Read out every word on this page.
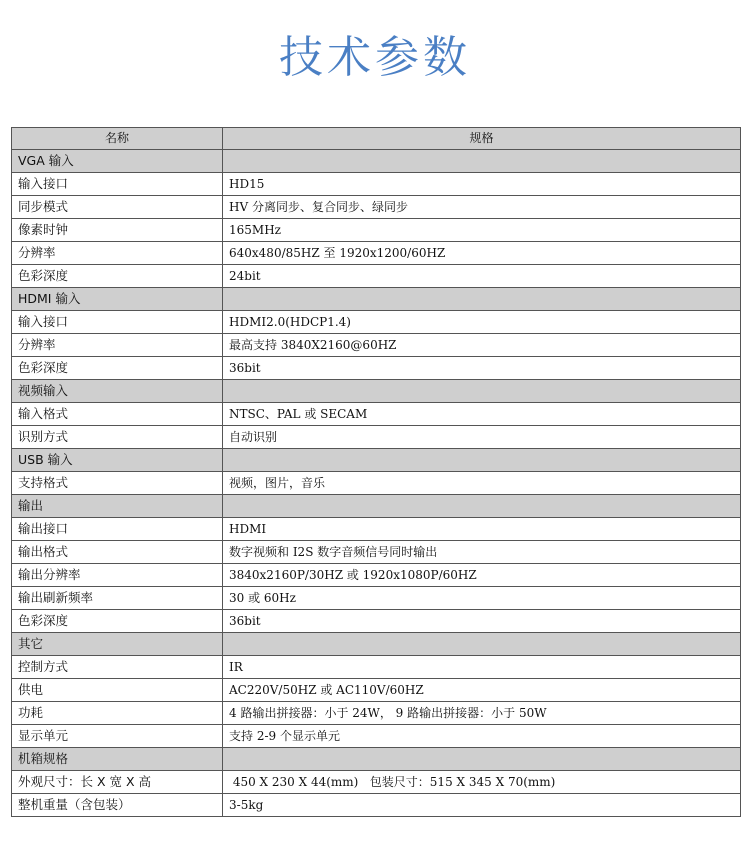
技术参数
名称	规格
VGA 输入	
输入接口	HD15
同步模式	HV 分离同步、复合同步、绿同步
像素时钟	165MHz
分辨率	640x480/85HZ 至 1920x1200/60HZ
色彩深度	24bit
HDMI 输入	
输入接口	HDMI2.0(HDCP1.4)
分辨率	最高支持 3840X2160@60HZ
色彩深度	36bit
视频输入	
输入格式	NTSC、PAL 或 SECAM
识别方式	自动识别
USB 输入	
支持格式	视频，图片，音乐
输出	
输出接口	HDMI
输出格式	数字视频和 I2S 数字音频信号同时输出
输出分辨率	3840x2160P/30HZ 或 1920x1080P/60HZ
输出刷新频率	30 或 60Hz
色彩深度	36bit
其它	
控制方式	IR
供电	AC220V/50HZ 或 AC110V/60HZ
功耗	4 路输出拼接器：小于 24W， 9 路输出拼接器：小于 50W
显示单元	支持 2-9 个显示单元
机箱规格	
外观尺寸：长 X 宽 X 高	450 X 230 X 44(mm)   包装尺寸：515 X 345 X 70(mm)
整机重量（含包装）	3-5kg
